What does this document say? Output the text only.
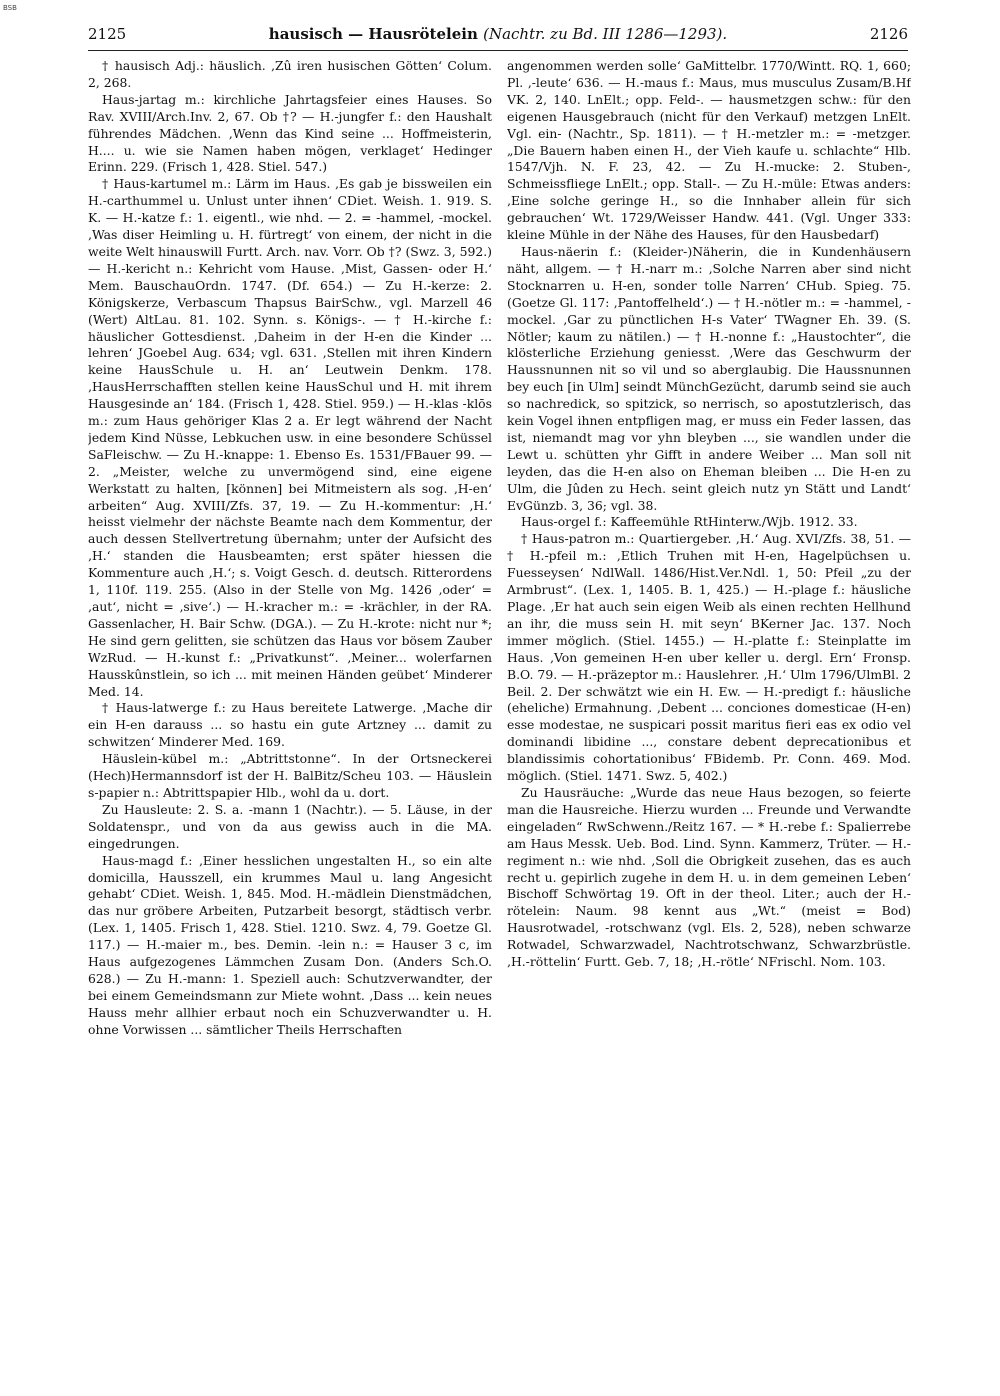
BSB
2125	hausisch — Hausrötelein (Nachtr. zu Bd. III 1286—1293).	2126

† hausisch Adj.: häuslich. ‚Zû iren husischen Götten‘ Colum. 2, 268.

Haus-jartag m.: kirchliche Jahrtagsfeier eines Hauses. So Rav. XVIII/Arch.Inv. 2, 67. Ob †? — H.-jungfer f.: den Haushalt führendes Mädchen. ‚Wenn das Kind seine ... Hoffmeisterin, H.... u. wie sie Namen haben mögen, verklaget‘ Hedinger Erinn. 229. (Frisch 1, 428. Stiel. 547.)

† Haus-kartumel m.: Lärm im Haus. ‚Es gab je bissweilen ein H.-carthummel u. Unlust unter ihnen‘ CDiet. Weish. 1. 919. S. K. — H.-katze f.: 1. eigentl., wie nhd. — 2. = -hammel, -mockel. ‚Was diser Heimling u. H. fürtregt‘ von einem, der nicht in die weite Welt hinauswill Furtt. Arch. nav. Vorr. Ob †? (Swz. 3, 592.) — H.-kericht n.: Kehricht vom Hause. ‚Mist, Gassen- oder H.‘ Mem. BauschauOrdn. 1747. (Df. 654.) — Zu H.-kerze: 2. Königskerze, Verbascum Thapsus BairSchw., vgl. Marzell 46 (Wert) AltLau. 81. 102. Synn. s. Königs-. — † H.-kirche f.: häuslicher Gottesdienst. ‚Daheim in der H-en die Kinder ... lehren‘ JGoebel Aug. 634; vgl. 631. ‚Stellen mit ihren Kindern keine HausSchule u. H. an‘ Leutwein Denkm. 178. ‚HausHerrschafften stellen keine HausSchul und H. mit ihrem Hausgesinde an‘ 184. (Frisch 1, 428. Stiel. 959.) — H.-klas -klōs m.: zum Haus gehöriger Klas 2 a. Er legt während der Nacht jedem Kind Nüsse, Lebkuchen usw. in eine besondere Schüssel SaFleischw. — Zu H.-knappe: 1. Ebenso Es. 1531/FBauer 99. — 2. „Meister, welche zu unvermögend sind, eine eigene Werkstatt zu halten, [können] bei Mitmeistern als sog. ‚H-en‘ arbeiten“ Aug. XVIII/Zfs. 37, 19. — Zu H.-kommentur: ‚H.‘ heisst vielmehr der nächste Beamte nach dem Kommentur, der auch dessen Stellvertretung übernahm; unter der Aufsicht des ‚H.‘ standen die Hausbeamten; erst später hiessen die Kommenture auch ‚H.‘; s. Voigt Gesch. d. deutsch. Ritterordens 1, 110f. 119. 255. (Also in der Stelle von Mg. 1426 ‚oder‘ = ‚aut‘, nicht = ‚sive‘.) — H.-kracher m.: = -krächler, in der RA. Gassenlacher, H. Bair Schw. (DGA.). — Zu H.-krote: nicht nur *; He sind gern gelitten, sie schützen das Haus vor bösem Zauber WzRud. — H.-kunst f.: „Privatkunst“. ‚Meiner... wolerfarnen Hausskûnstlein, so ich ... mit meinen Händen geübet‘ Minderer Med. 14.

† Haus-latwerge f.: zu Haus bereitete Latwerge. ‚Mache dir ein H-en darauss ... so hastu ein gute Artzney ... damit zu schwitzen‘ Minderer Med. 169.

Häuslein-kübel m.: „Abtrittstonne“. In der Ortsneckerei (Hech)Hermannsdorf ist der H. BalBitz/Scheu 103. — Häuslein s-papier n.: Abtrittspapier Hlb., wohl da u. dort.

Zu Hausleute: 2. S. a. -mann 1 (Nachtr.). — 5. Läuse, in der Soldatenspr., und von da aus gewiss auch in die MA. eingedrungen.

Haus-magd f.: ‚Einer hesslichen ungestalten H., so ein alte domicilla, Hausszell, ein krummes Maul u. lang Angesicht gehabt‘ CDiet. Weish. 1, 845. Mod. H.-mädlein Dienstmädchen, das nur gröbere Arbeiten, Putzarbeit besorgt, städtisch verbr. (Lex. 1, 1405. Frisch 1, 428. Stiel. 1210. Swz. 4, 79. Goetze Gl. 117.) — H.-maier m., bes. Demin. -lein n.: = Hauser 3 c, im Haus aufgezogenes Lämmchen Zusam Don. (Anders Sch.O. 628.) — Zu H.-mann: 1. Speziell auch: Schutzverwandter, der bei einem Gemeindsmann zur Miete wohnt. ‚Dass ... kein neues Hauss mehr allhier erbaut noch ein Schuzverwandter u. H. ohne Vorwissen ... sämtlicher Theils Herrschaften

angenommen werden solle‘ GaMittelbr. 1770/Wintt. RQ. 1, 660; Pl. ‚-leute‘ 636. — H.-maus f.: Maus, mus musculus Zusam/B.Hf VK. 2, 140. LnElt.; opp. Feld-. — hausmetzgen schw.: für den eigenen Hausgebrauch (nicht für den Verkauf) metzgen LnElt. Vgl. ein- (Nachtr., Sp. 1811). — † H.-metzler m.: = -metzger. „Die Bauern haben einen H., der Vieh kaufe u. schlachte“ Hlb. 1547/Vjh. N. F. 23, 42. — Zu H.-mucke: 2. Stuben-, Schmeissfliege LnElt.; opp. Stall-. — Zu H.-müle: Etwas anders: ‚Eine solche geringe H., so die Innhaber allein für sich gebrauchen‘ Wt. 1729/Weisser Handw. 441. (Vgl. Unger 333: kleine Mühle in der Nähe des Hauses, für den Hausbedarf)

Haus-näerin f.: (Kleider-)Näherin, die in Kundenhäusern näht, allgem. — † H.-narr m.: ‚Solche Narren aber sind nicht Stocknarren u. H-en, sonder tolle Narren‘ CHub. Spieg. 75. (Goetze Gl. 117: ‚Pantoffelheld‘.) — † H.-nötler m.: = -hammel, -mockel. ‚Gar zu pünctlichen H-s Vater‘ TWagner Eh. 39. (S. Nötler; kaum zu nätilen.) — † H.-nonne f.: „Haustochter“, die klösterliche Erziehung geniesst. ‚Were das Geschwurm der Haussnunnen nit so vil und so aberglaubig. Die Haussnunnen bey euch [in Ulm] seindt MünchGezücht, darumb seind sie auch so nachredick, so spitzick, so nerrisch, so apostutzlerisch, das kein Vogel ihnen entpfligen mag, er muss ein Feder lassen, das ist, niemandt mag vor yhn bleyben ..., sie wandlen under die Lewt u. schütten yhr Gifft in andere Weiber ... Man soll nit leyden, das die H-en also on Eheman bleiben ... Die H-en zu Ulm, die Jûden zu Hech. seint gleich nutz yn Stätt und Landt‘ EvGünzb. 3, 36; vgl. 38.

Haus-orgel f.: Kaffeemühle RtHinterw./Wjb. 1912. 33.

† Haus-patron m.: Quartiergeber. ‚H.‘ Aug. XVI/Zfs. 38, 51. — † H.-pfeil m.: ‚Etlich Truhen mit H-en, Hagelpüchsen u. Fuesseysen‘ NdlWall. 1486/Hist.Ver.Ndl. 1, 50: Pfeil „zu der Armbrust“. (Lex. 1, 1405. B. 1, 425.) — H.-plage f.: häusliche Plage. ‚Er hat auch sein eigen Weib als einen rechten Hellhund an ihr, die muss sein H. mit seyn‘ BKerner Jac. 137. Noch immer möglich. (Stiel. 1455.) — H.-platte f.: Steinplatte im Haus. ‚Von gemeinen H-en uber keller u. dergl. Ern‘ Fronsp. B.O. 79. — H.-präzeptor m.: Hauslehrer. ‚H.‘ Ulm 1796/UlmBl. 2 Beil. 2. Der schwätzt wie ein H. Ew. — H.-predigt f.: häusliche (eheliche) Ermahnung. ‚Debent ... conciones domesticae (H-en) esse modestae, ne suspicari possit maritus fieri eas ex odio vel dominandi libidine ..., constare debent deprecationibus et blandissimis cohortationibus‘ FBidemb. Pr. Conn. 469. Mod. möglich. (Stiel. 1471. Swz. 5, 402.)

Zu Hausräuche: „Wurde das neue Haus bezogen, so feierte man die Hausreiche. Hierzu wurden ... Freunde und Verwandte eingeladen“ RwSchwenn./Reitz 167. — * H.-rebe f.: Spalierrebe am Haus Messk. Ueb. Bod. Lind. Synn. Kammerz, Trüter. — H.-regiment n.: wie nhd. ‚Soll die Obrigkeit zusehen, das es auch recht u. gepirlich zugehe in dem H. u. in dem gemeinen Leben‘ Bischoff Schwörtag 19. Oft in der theol. Liter.; auch der H.-rötelein: Naum. 98 kennt aus „Wt.“ (meist = Bod) Hausrotwadel, -rotschwanz (vgl. Els. 2, 528), neben schwarze Rotwadel, Schwarzwadel, Nachtrotschwanz, Schwarzbrüstle. ‚H.-röttelin‘ Furtt. Geb. 7, 18; ‚H.-rötle‘ NFrischl. Nom. 103.
